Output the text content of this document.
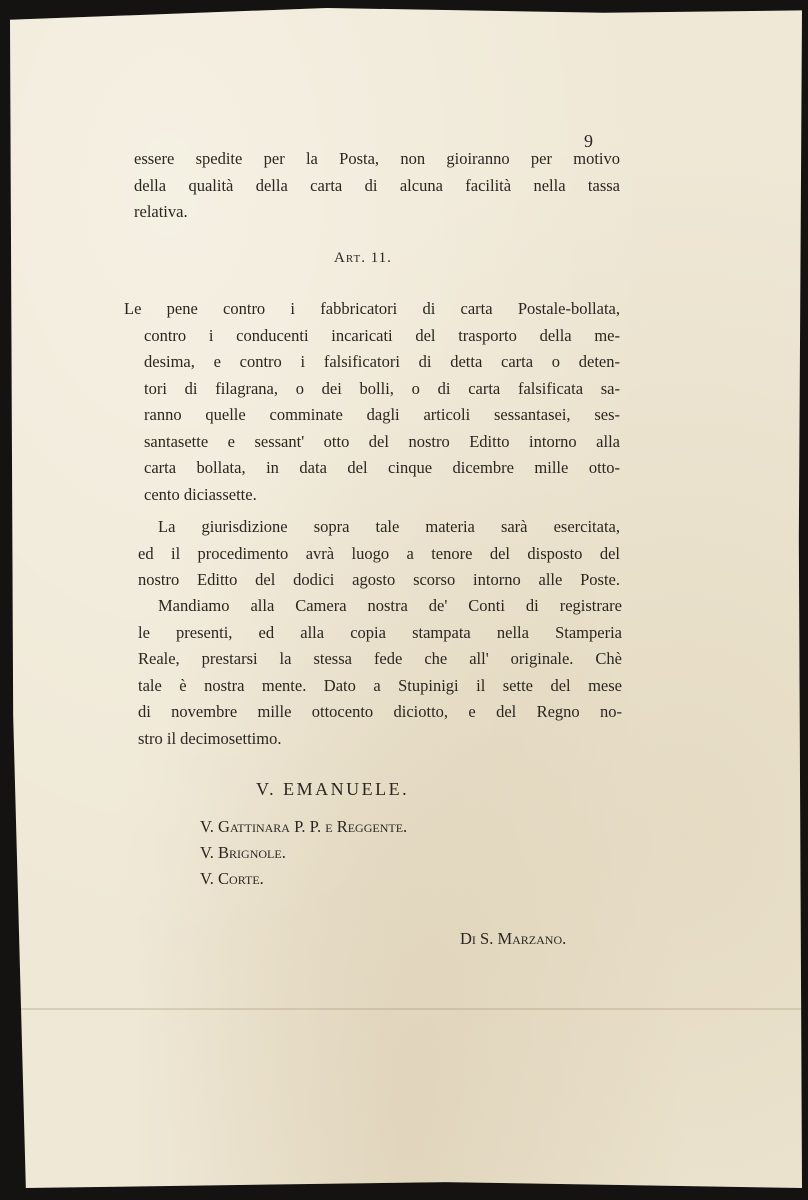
9
essere spedite per la Posta, non gioiranno per motivo
della qualità della carta di alcuna facilità nella tassa
relativa.
Art. 11.
Le pene contro i fabbricatori di carta Postale-bollata,
contro i conducenti incaricati del trasporto della me-
desima, e contro i falsificatori di detta carta o deten-
tori di filagrana, o dei bolli, o di carta falsificata sa-
ranno quelle comminate dagli articoli sessantasei, ses-
santasette e sessant' otto del nostro Editto intorno alla
carta bollata, in data del cinque dicembre mille otto-
cento diciassette.
La giurisdizione sopra tale materia sarà esercitata,
ed il procedimento avrà luogo a tenore del disposto del
nostro Editto del dodici agosto scorso intorno alle Poste.
Mandiamo alla Camera nostra de' Conti di registrare
le presenti, ed alla copia stampata nella Stamperia
Reale, prestarsi la stessa fede che all' originale. Chè
tale è nostra mente. Dato a Stupinigi il sette del mese
di novembre mille ottocento diciotto, e del Regno no-
stro il decimosettimo.
V. EMANUELE.
V. Gattinara P. P. e Reggente.
V. Brignole.
V. Corte.
Di S. Marzano.
